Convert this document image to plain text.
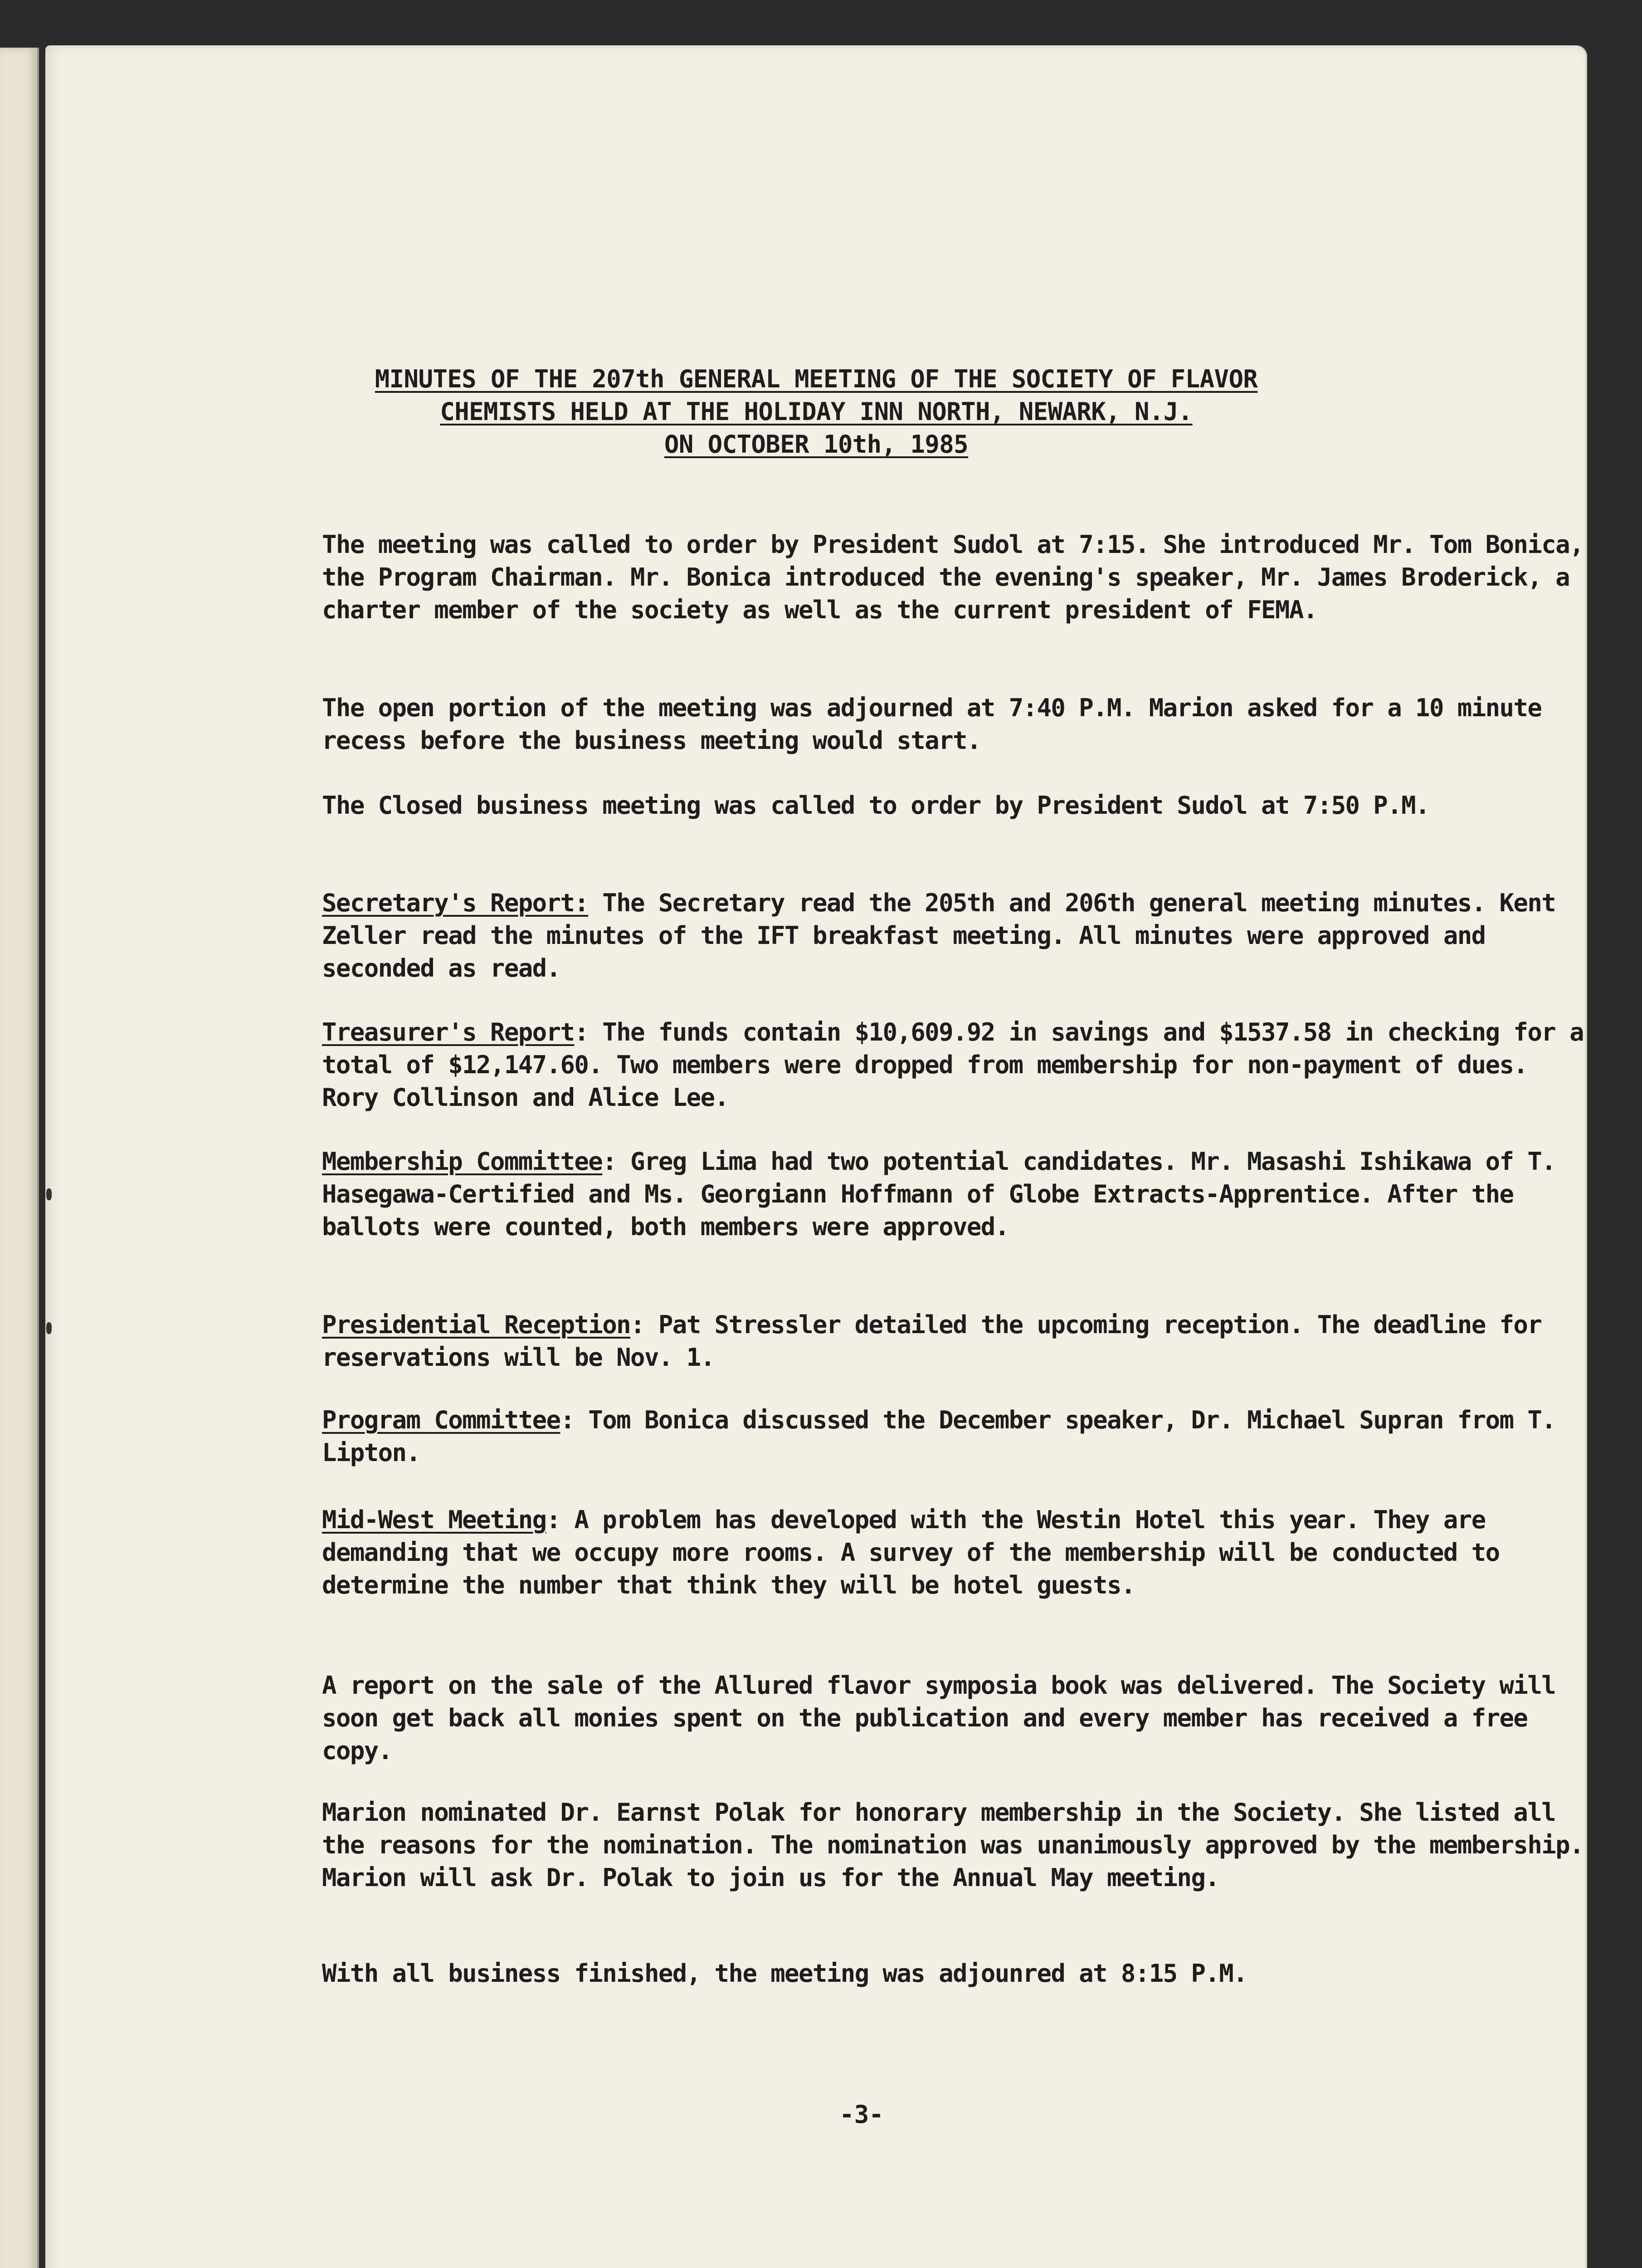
MINUTES OF THE 207th GENERAL MEETING OF THE SOCIETY OF FLAVOR
CHEMISTS HELD AT THE HOLIDAY INN NORTH, NEWARK, N.J.
ON OCTOBER 10th, 1985

The meeting was called to order by President Sudol at 7:15. She introduced Mr. Tom Bonica, the Program Chairman. Mr. Bonica introduced the evening's speaker, Mr. James Broderick, a charter member of the society as well as the current president of FEMA.

The open portion of the meeting was adjourned at 7:40 P.M. Marion asked for a 10 minute recess before the business meeting would start.

The Closed business meeting was called to order by President Sudol at 7:50 P.M.

Secretary's Report: The Secretary read the 205th and 206th general meeting minutes. Kent Zeller read the minutes of the IFT breakfast meeting. All minutes were approved and seconded as read.

Treasurer's Report: The funds contain $10,609.92 in savings and $1537.58 in checking for a total of $12,147.60. Two members were dropped from membership for non-payment of dues. Rory Collinson and Alice Lee.

Membership Committee: Greg Lima had two potential candidates. Mr. Masashi Ishikawa of T. Hasegawa-Certified and Ms. Georgiann Hoffmann of Globe Extracts-Apprentice. After the ballots were counted, both members were approved.

Presidential Reception: Pat Stressler detailed the upcoming reception. The deadline for reservations will be Nov. 1.

Program Committee: Tom Bonica discussed the December speaker, Dr. Michael Supran from T. Lipton.

Mid-West Meeting: A problem has developed with the Westin Hotel this year. They are demanding that we occupy more rooms. A survey of the membership will be conducted to determine the number that think they will be hotel guests.

A report on the sale of the Allured flavor symposia book was delivered. The Society will soon get back all monies spent on the publication and every member has received a free copy.

Marion nominated Dr. Earnst Polak for honorary membership in the Society. She listed all the reasons for the nomination. The nomination was unanimously approved by the membership. Marion will ask Dr. Polak to join us for the Annual May meeting.

With all business finished, the meeting was adjounred at 8:15 P.M.

-3-
